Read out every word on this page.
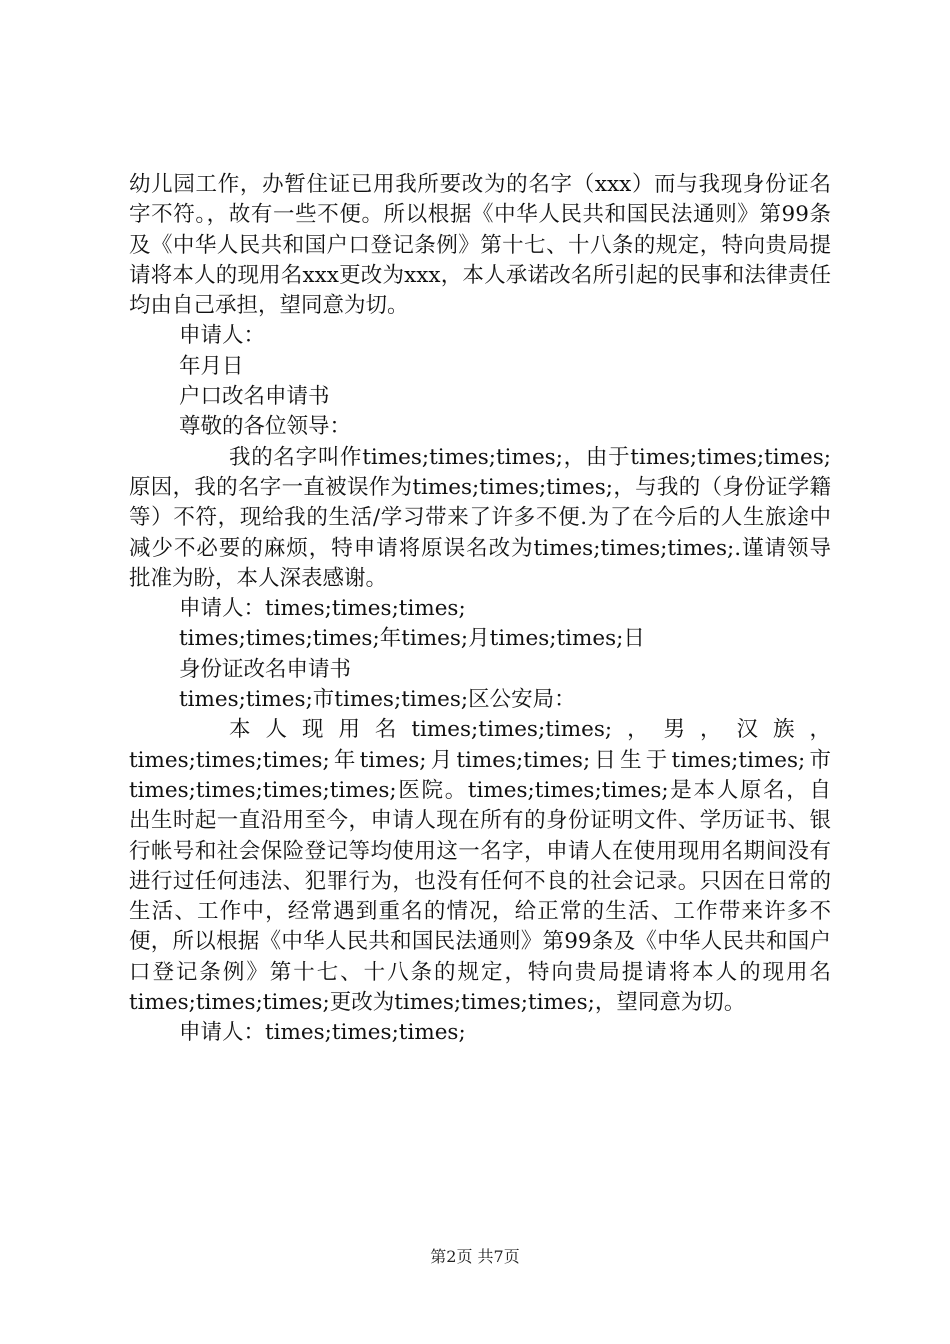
幼儿园工作，办暂住证已用我所要改为的名字（xxx）而与我现身份证名字不符。，故有一些不便。所以根据《中华人民共和国民法通则》第99条及《中华人民共和国户口登记条例》第十七、十八条的规定，特向贵局提请将本人的现用名xxx更改为xxx，本人承诺改名所引起的民事和法律责任均由自己承担，望同意为切。

申请人：

年月日

户口改名申请书

尊敬的各位领导：

我的名字叫作times;times;times;，由于times;times;times;原因，我的名字一直被误作为times;times;times;，与我的（身份证学籍等）不符，现给我的生活/学习带来了许多不便.为了在今后的人生旅途中减少不必要的麻烦，特申请将原误名改为times;times;times;.谨请领导批准为盼，本人深表感谢。

申请人：times;times;times;

times;times;times;年times;月times;times;日

身份证改名申请书

times;times;市times;times;区公安局：

本人现用名times;times;times;，男，汉族，times;times;times;年times;月times;times;日生于times;times;市times;times;times;times;医院。times;times;times;是本人原名，自出生时起一直沿用至今，申请人现在所有的身份证明文件、学历证书、银行帐号和社会保险登记等均使用这一名字，申请人在使用现用名期间没有进行过任何违法、犯罪行为，也没有任何不良的社会记录。只因在日常的生活、工作中，经常遇到重名的情况，给正常的生活、工作带来许多不便，所以根据《中华人民共和国民法通则》第99条及《中华人民共和国户口登记条例》第十七、十八条的规定，特向贵局提请将本人的现用名times;times;times;更改为times;times;times;，望同意为切。

申请人：times;times;times;

第2页 共7页
